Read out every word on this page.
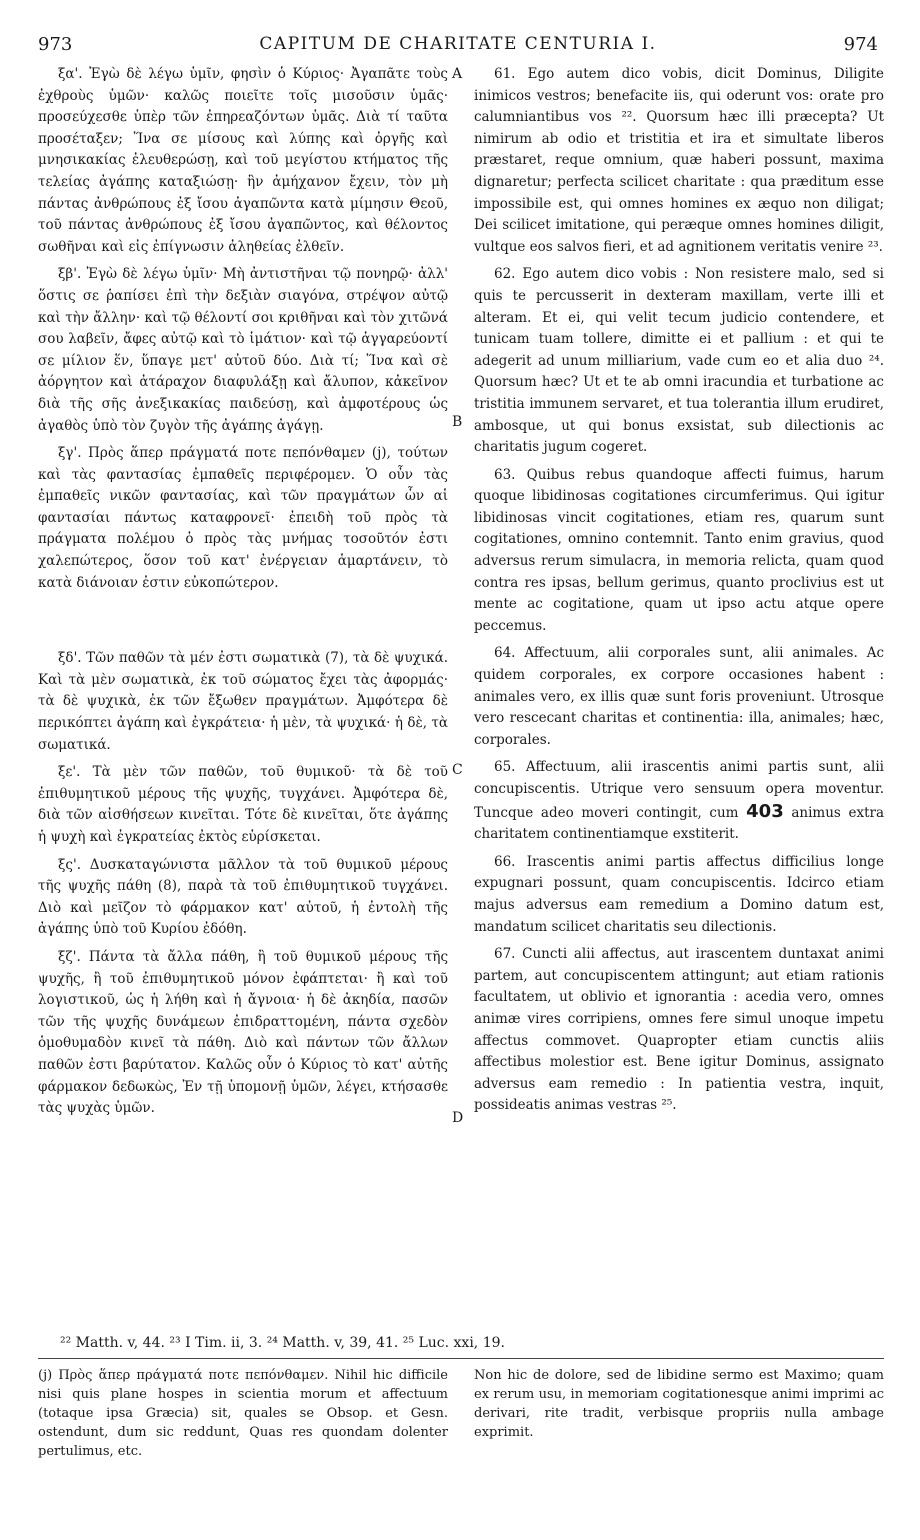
973	CAPITUM DE CHARITATE CENTURIA I.	974

ξα'. Ἐγὼ δὲ λέγω ὑμῖν, φησὶν ὁ Κύριος· Ἀγαπᾶτε τοὺς ἐχθροὺς ὑμῶν· καλῶς ποιεῖτε τοῖς μισοῦσιν ὑμᾶς· προσεύχεσθε ὑπὲρ τῶν ἐπηρεαζόντων ὑμᾶς. Διὰ τί ταῦτα προσέταξεν; Ἵνα σε μίσους καὶ λύπης καὶ ὀργῆς καὶ μνησικακίας ἐλευθερώσῃ, καὶ τοῦ μεγίστου κτήματος τῆς τελείας ἀγάπης καταξιώσῃ· ἣν ἀμήχανον ἔχειν, τὸν μὴ πάντας ἀνθρώπους ἐξ ἴσου ἀγαπῶντα κατὰ μίμησιν Θεοῦ, τοῦ πάντας ἀνθρώπους ἐξ ἴσου ἀγαπῶντος, καὶ θέλοντος σωθῆναι καὶ εἰς ἐπίγνωσιν ἀληθείας ἐλθεῖν.

ξβ'. Ἐγὼ δὲ λέγω ὑμῖν· Μὴ ἀντιστῆναι τῷ πονηρῷ· ἀλλ' ὅστις σε ῥαπίσει ἐπὶ τὴν δεξιὰν σιαγόνα, στρέψον αὐτῷ καὶ τὴν ἄλλην· καὶ τῷ θέλοντί σοι κριθῆναι καὶ τὸν χιτῶνά σου λαβεῖν, ἄφες αὐτῷ καὶ τὸ ἱμάτιον· καὶ τῷ ἀγγαρεύοντί σε μίλιον ἕν, ὕπαγε μετ' αὐτοῦ δύο. Διὰ τί; Ἵνα καὶ σὲ ἀόργητον καὶ ἀτάραχον διαφυλάξῃ καὶ ἄλυπον, κἀκεῖνον διὰ τῆς σῆς ἀνεξικακίας παιδεύσῃ, καὶ ἀμφοτέρους ὡς ἀγαθὸς ὑπὸ τὸν ζυγὸν τῆς ἀγάπης ἀγάγῃ.

ξγ'. Πρὸς ἅπερ πράγματά ποτε πεπόνθαμεν (j), τούτων καὶ τὰς φαντασίας ἐμπαθεῖς περιφέρομεν. Ὁ οὖν τὰς ἐμπαθεῖς νικῶν φαντασίας, καὶ τῶν πραγμάτων ὧν αἱ φαντασίαι πάντως καταφρονεῖ· ἐπειδὴ τοῦ πρὸς τὰ πράγματα πολέμου ὁ πρὸς τὰς μνήμας τοσοῦτόν ἐστι χαλεπώτερος, ὅσον τοῦ κατ' ἐνέργειαν ἁμαρτάνειν, τὸ κατὰ διάνοιαν ἐστιν εὐκοπώτερον.

ξδ'. Τῶν παθῶν τὰ μέν ἐστι σωματικὰ (7), τὰ δὲ ψυχικά. Καὶ τὰ μὲν σωματικὰ, ἐκ τοῦ σώματος ἔχει τὰς ἀφορμάς· τὰ δὲ ψυχικὰ, ἐκ τῶν ἔξωθεν πραγμάτων. Ἀμφότερα δὲ περικόπτει ἀγάπη καὶ ἐγκράτεια· ἡ μὲν, τὰ ψυχικά· ἡ δὲ, τὰ σωματικά.

ξε'. Τὰ μὲν τῶν παθῶν, τοῦ θυμικοῦ· τὰ δὲ τοῦ ἐπιθυμητικοῦ μέρους τῆς ψυχῆς, τυγχάνει. Ἀμφότερα δὲ, διὰ τῶν αἰσθήσεων κινεῖται. Τότε δὲ κινεῖται, ὅτε ἀγάπης ἡ ψυχὴ καὶ ἐγκρατείας ἐκτὸς εὑρίσκεται.

ξς'. Δυσκαταγώνιστα μᾶλλον τὰ τοῦ θυμικοῦ μέρους τῆς ψυχῆς πάθη (8), παρὰ τὰ τοῦ ἐπιθυμητικοῦ τυγχάνει. Διὸ καὶ μεῖζον τὸ φάρμακον κατ' αὐτοῦ, ἡ ἐντολὴ τῆς ἀγάπης ὑπὸ τοῦ Κυρίου ἐδόθη.

ξζ'. Πάντα τὰ ἄλλα πάθη, ἢ τοῦ θυμικοῦ μέρους τῆς ψυχῆς, ἢ τοῦ ἐπιθυμητικοῦ μόνον ἐφάπτεται· ἢ καὶ τοῦ λογιστικοῦ, ὡς ἡ λήθη καὶ ἡ ἄγνοια· ἡ δὲ ἀκηδία, πασῶν τῶν τῆς ψυχῆς δυνάμεων ἐπιδραττομένη, πάντα σχεδὸν ὁμοθυμαδὸν κινεῖ τὰ πάθη. Διὸ καὶ πάντων τῶν ἄλλων παθῶν ἐστι βαρύτατον. Καλῶς οὖν ὁ Κύριος τὸ κατ' αὐτῆς φάρμακον δεδωκὼς, Ἐν τῇ ὑπομονῇ ὑμῶν, λέγει, κτήσασθε τὰς ψυχὰς ὑμῶν.

A
B
C
D

61. Ego autem dico vobis, dicit Dominus, Diligite inimicos vestros; benefacite iis, qui oderunt vos: orate pro calumniantibus vos ²². Quorsum hæc illi præcepta? Ut nimirum ab odio et tristitia et ira et simultate liberos præstaret, reque omnium, quæ haberi possunt, maxima dignaretur; perfecta scilicet charitate : qua præditum esse impossibile est, qui omnes homines ex æquo non diligat; Dei scilicet imitatione, qui peræque omnes homines diligit, vultque eos salvos fieri, et ad agnitionem veritatis venire ²³.

62. Ego autem dico vobis : Non resistere malo, sed si quis te percusserit in dexteram maxillam, verte illi et alteram. Et ei, qui velit tecum judicio contendere, et tunicam tuam tollere, dimitte ei et pallium : et qui te adegerit ad unum milliarium, vade cum eo et alia duo ²⁴. Quorsum hæc? Ut et te ab omni iracundia et turbatione ac tristitia immunem servaret, et tua tolerantia illum erudiret, ambosque, ut qui bonus exsistat, sub dilectionis ac charitatis jugum cogeret.

63. Quibus rebus quandoque affecti fuimus, harum quoque libidinosas cogitationes circumferimus. Qui igitur libidinosas vincit cogitationes, etiam res, quarum sunt cogitationes, omnino contemnit. Tanto enim gravius, quod adversus rerum simulacra, in memoria relicta, quam quod contra res ipsas, bellum gerimus, quanto proclivius est ut mente ac cogitatione, quam ut ipso actu atque opere peccemus.

64. Affectuum, alii corporales sunt, alii animales. Ac quidem corporales, ex corpore occasiones habent : animales vero, ex illis quæ sunt foris proveniunt. Utrosque vero rescecant charitas et continentia: illa, animales; hæc, corporales.

65. Affectuum, alii irascentis animi partis sunt, alii concupiscentis. Utrique vero sensuum opera moventur. Tuncque adeo moveri contingit, cum 403 animus extra charitatem continentiamque exstiterit.

66. Irascentis animi partis affectus difficilius longe expugnari possunt, quam concupiscentis. Idcirco etiam majus adversus eam remedium a Domino datum est, mandatum scilicet charitatis seu dilectionis.

67. Cuncti alii affectus, aut irascentem duntaxat animi partem, aut concupiscentem attingunt; aut etiam rationis facultatem, ut oblivio et ignorantia : acedia vero, omnes animæ vires corripiens, omnes fere simul unoque impetu affectus commovet. Quapropter etiam cunctis aliis affectibus molestior est. Bene igitur Dominus, assignato adversus eam remedio : In patientia vestra, inquit, possideatis animas vestras ²⁵.

²² Matth. v, 44. ²³ I Tim. ii, 3. ²⁴ Matth. v, 39, 41. ²⁵ Luc. xxi, 19.
(j) Πρὸς ἅπερ πράγματά ποτε πεπόνθαμεν. Nihil hic difficile nisi quis plane hospes in scientia morum et affectuum (totaque ipsa Græcia) sit, quales se Obsop. et Gesn. ostendunt, dum sic reddunt, Quas res quondam dolenter pertulimus, etc.
Non hic de dolore, sed de libidine sermo est Maximo; quam ex rerum usu, in memoriam cogitationesque animi imprimi ac derivari, rite tradit, verbisque propriis nulla ambage exprimit.
